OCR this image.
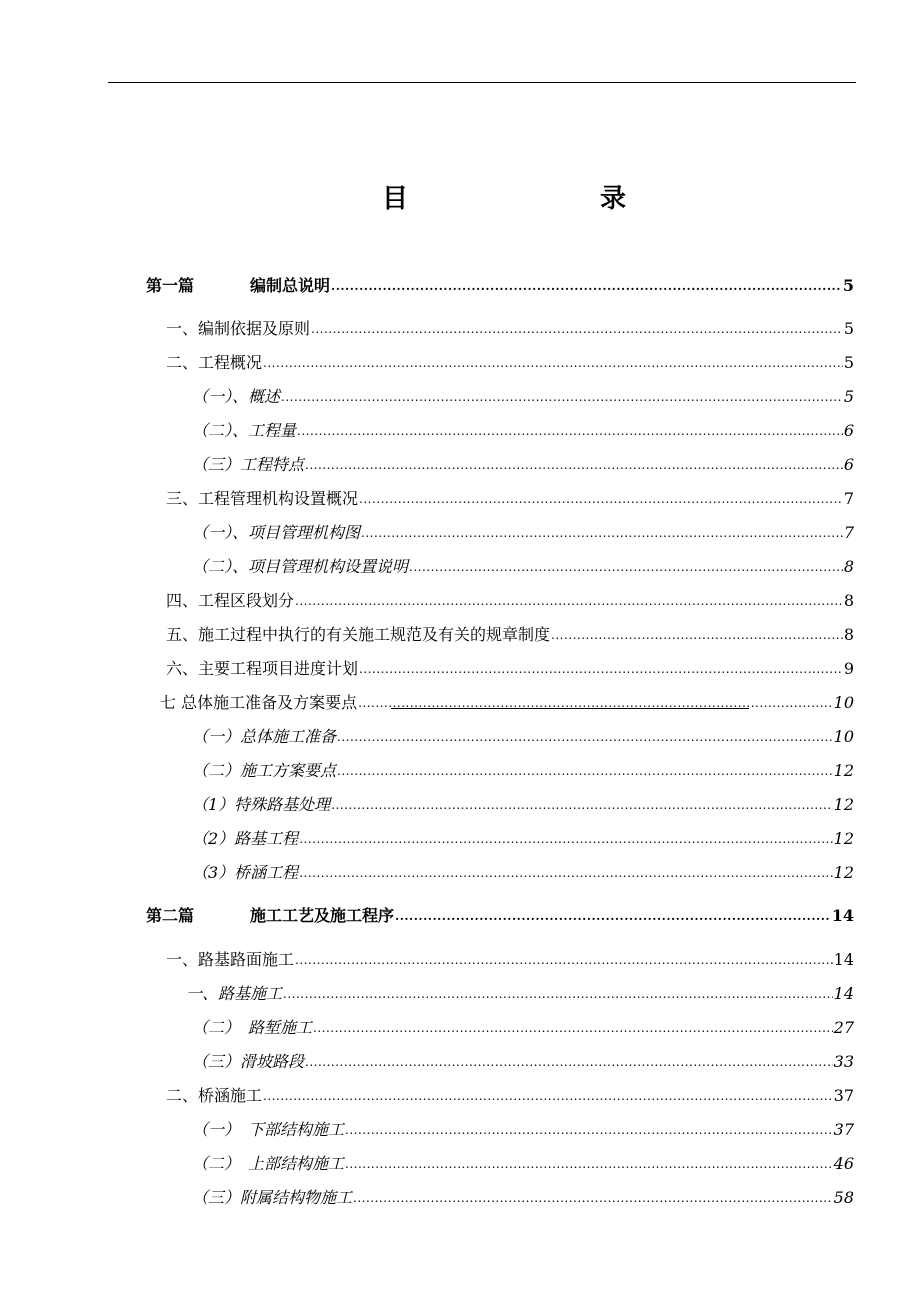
目	录
第一篇	编制总说明 .....	5
一、编制依据及原则 .....	5
二、工程概况 .....	5
（一）、概述 .....	5
（二）、工程量 .....	6
（三）工程特点 .....	6
三、工程管理机构设置概况 .....	7
（一）、项目管理机构图 .....	7
（二）、项目管理机构设置说明 .....	8
四、工程区段划分 .....	8
五、施工过程中执行的有关施工规范及有关的规章制度 .....	8
六、主要工程项目进度计划 .....	9
七 总体施工准备及方案要点 .....	10
（一）总体施工准备 .....	10
（二）施工方案要点 .....	12
（1）特殊路基处理 .....	12
（2）路基工程 .....	12
（3）桥涵工程 .....	12
第二篇	施工工艺及施工程序 .....	14
一、路基路面施工 .....	14
一、路基施工 .....	14
（二）　路堑施工 .....	27
（三）滑坡路段 .....	33
二、桥涵施工 .....	37
（一）　下部结构施工 .....	37
（二）　上部结构施工 .....	46
（三）附属结构物施工 .....	58
